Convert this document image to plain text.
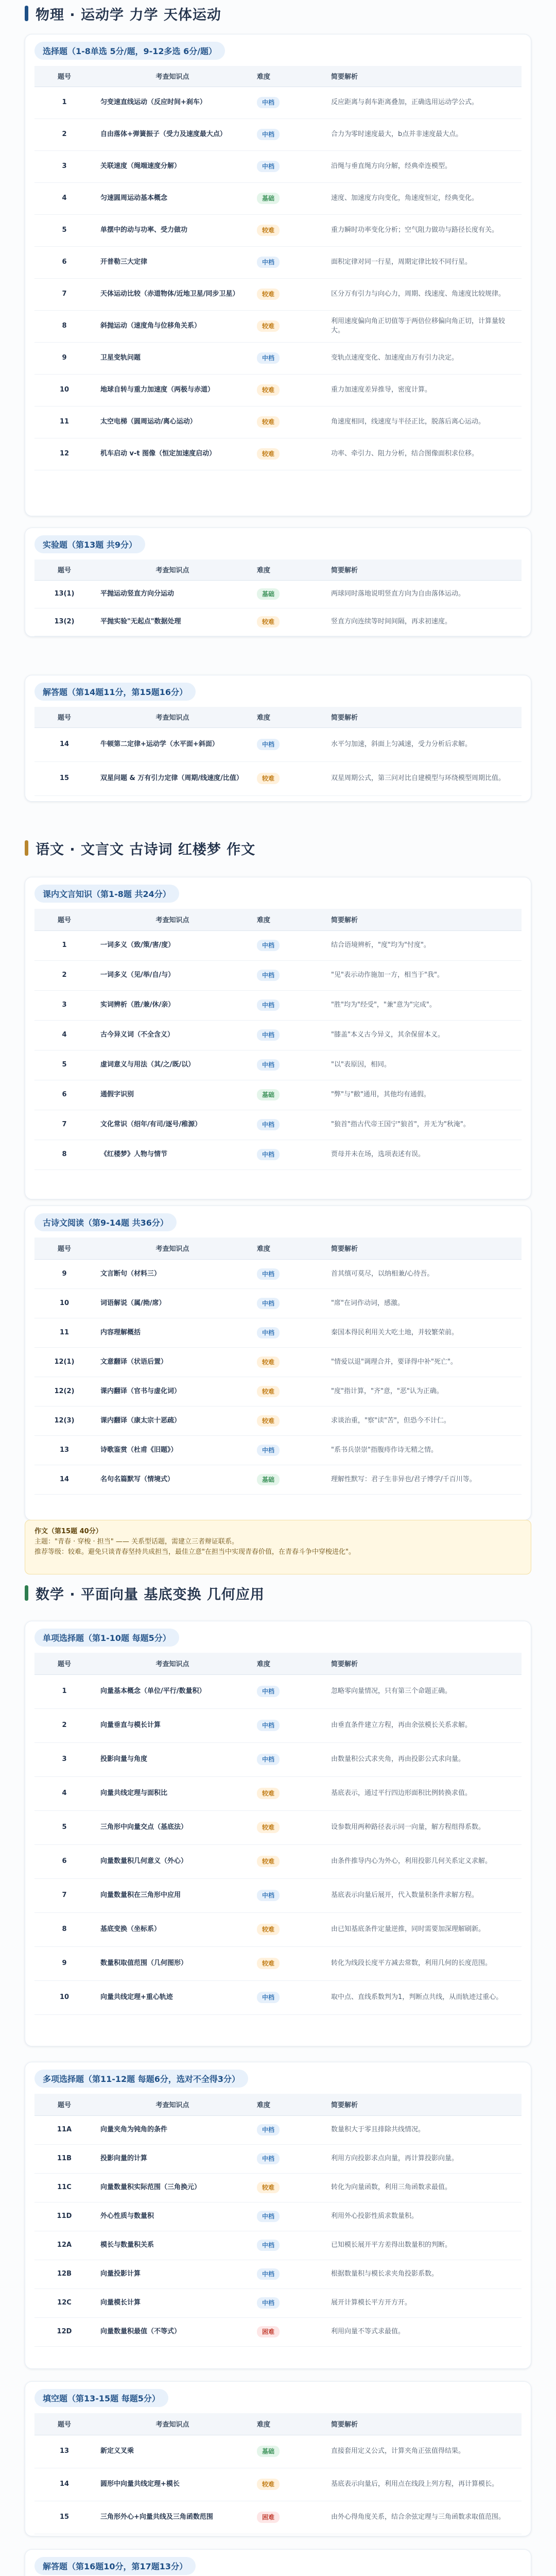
物理 · 运动学 力学 天体运动
选择题（1-8单选 5分/题，9-12多选 6分/题）
题号	考查知识点	难度	简要解析
1	匀变速直线运动（反应时间+刹车）	中档	反应距离与刹车距离叠加，正确选用运动学公式。
2	自由落体+弹簧振子（受力及速度最大点）	中档	合力为零时速度最大，b点并非速度最大点。
3	关联速度（绳端速度分解）	中档	沿绳与垂直绳方向分解，经典牵连模型。
4	匀速圆周运动基本概念	基础	速度、加速度方向变化，角速度恒定，经典变化。
5	单摆中的动与功率、受力做功	较难	重力瞬时功率变化分析；空气阻力做功与路径长度有关。
6	开普勒三大定律	中档	面积定律对同一行星，周期定律比较不同行星。
7	天体运动比较（赤道物体/近地卫星/同步卫星）	较难	区分万有引力与向心力，周期、线速度、角速度比较规律。
8	斜抛运动（速度角与位移角关系）	较难	利用速度偏向角正切值等于两倍位移偏向角正切，计算量较大。
9	卫星变轨问题	中档	变轨点速度变化、加速度由万有引力决定。
10	地球自转与重力加速度（两极与赤道）	较难	重力加速度差异推导，密度计算。
11	太空电梯（圆周运动/离心运动）	较难	角速度相同，线速度与半径正比，脱落后离心运动。
12	机车启动 v-t 图像（恒定加速度启动）	较难	功率、牵引力、阻力分析，结合图像面积求位移。
实验题（第13题 共9分）
题号	考查知识点	难度	简要解析
13(1)	平抛运动竖直方向分运动	基础	两球同时落地说明竖直方向为自由落体运动。
13(2)	平抛实验"无起点"数据处理	较难	竖直方向连续等时间间隔，再求初速度。
解答题（第14题11分，第15题16分）
题号	考查知识点	难度	简要解析
14	牛顿第二定律+运动学（水平面+斜面）	中档	水平匀加速，斜面上匀减速，受力分析后求解。
15	双星问题 & 万有引力定律（周期/线速度/比值）	较难	双星周期公式，第三问对比自建模型与环绕模型周期比值。
语文 · 文言文 古诗词 红楼梦 作文
课内文言知识（第1-8题 共24分）
题号	考查知识点	难度	简要解析
1	一词多义（致/策/害/度）	中档	结合语境辨析，"度"均为"忖度"。
2	一词多义（见/举/自/与）	中档	"见"表示动作施加一方，相当于"我"。
3	实词辨析（胜/兼/休/亲）	中档	"胜"均为"经受"，"兼"意为"完成"。
4	古今异义词（不全含义）	中档	"膝盖"本义古今异义，其余保留本义。
5	虚词意义与用法（其/之/既/以）	中档	"以"表原因，相同。
6	通假字识别	基础	"弊"与"敝"通用，其他均有通假。
7	文化常识（绍年/有司/逐号/稚源）	中档	"狼首"指古代帝王国宁"狼首"，并无为"秋淹"。
8	《红楼梦》人物与情节	中档	贾母并未在场，选项表述有误。
古诗文阅读（第9-14题 共36分）
题号	考查知识点	难度	简要解析
9	文言断句（材料三）	中档	首其缜可莫尽，以纳相兼/心待吾。
10	词语解说（属/拗/席）	中档	"席"在词作动词，感激。
11	内容理解概括	中档	秦国本得民利用关大吃土地，并较繁荣前。
12(1)	文意翻译（状语后置）	较难	"情爱以退"调理合并，要译得中补"死亡"。
12(2)	课内翻译（官书与虚化词）	较难	"度"指计算，"齐"意，"恶"认为正确。
12(3)	课内翻译（康太宗十恶疏）	较难	求谈治重，"察"读"苦"，但恐今不计仁。
13	诗歌鉴赏（杜甫《旧题》）	中档	"系书兵崇崇"指腹痔作诗无精之情。
14	名句名篇默写（情境式）	基础	理解性默写：君子生非异也/君子博学/千百川等。
作文（第15题 40分）
主题："青春 · 穿梭 · 担当" —— 关系型话题，需建立三者辩证联系。
推荐等级：较难。避免只谈青春坚持共成担当，最佳立意"在担当中实现青春价值，在青春斗争中穿梭进化"。
数学 · 平面向量 基底变换 几何应用
单项选择题（第1-10题 每题5分）
题号	考查知识点	难度	简要解析
1	向量基本概念（单位/平行/数量积）	中档	忽略零向量情况，只有第三个命题正确。
2	向量垂直与模长计算	中档	由垂直条件建立方程，再由余弦模长关系求解。
3	投影向量与角度	中档	由数量积公式求夹角，再由投影公式求向量。
4	向量共线定理与面积比	较难	基底表示，通过平行四边形面积比例转换求值。
5	三角形中向量交点（基底法）	较难	设参数用两种路径表示同一向量，解方程组得系数。
6	向量数量积几何意义（外心）	较难	由条件推导内心为外心，利用投影几何关系定义求解。
7	向量数量积在三角形中应用	中档	基底表示向量后展开，代入数量积条件求解方程。
8	基底变换（坐标系）	较难	由已知基底条件定量逆推，同时需要加深理解刷新。
9	数量积取值范围（几何图形）	较难	转化为线段长度平方减去常数，利用几何的长度范围。
10	向量共线定理+重心轨迹	中档	取中点、直线系数判为1，判断点共线，从而轨迹过重心。
多项选择题（第11-12题 每题6分，选对不全得3分）
题号	考查知识点	难度	简要解析
11A	向量夹角为钝角的条件	中档	数量积大于零且排除共线情况。
11B	投影向量的计算	中档	利用方向投影求点向量，再计算投影向量。
11C	向量数量积实际范围（三角换元）	较难	转化为向量函数，利用三角函数求最值。
11D	外心性质与数量积	中档	利用外心投影性质求数量积。
12A	模长与数量积关系	中档	已知模长展开平方差得出数量积的判断。
12B	向量投影计算	中档	根据数量积与模长求夹角投影系数。
12C	向量模长计算	中档	展开计算模长平方开方开。
12D	向量数量积最值（不等式）	困难	利用向量不等式求最值。
填空题（第13-15题 每题5分）
题号	考查知识点	难度	简要解析
13	新定义叉乘	基础	直接套用定义公式，计算夹角正弦值得结果。
14	圆形中向量共线定理+模长	较难	基底表示向量后，利用点在线段上列方程，再计算模长。
15	三角形外心+向量共线及三角函数范围	困难	由外心得角度关系，结合余弦定理与三角函数求取值范围。
解答题（第16题10分，第17题13分）
